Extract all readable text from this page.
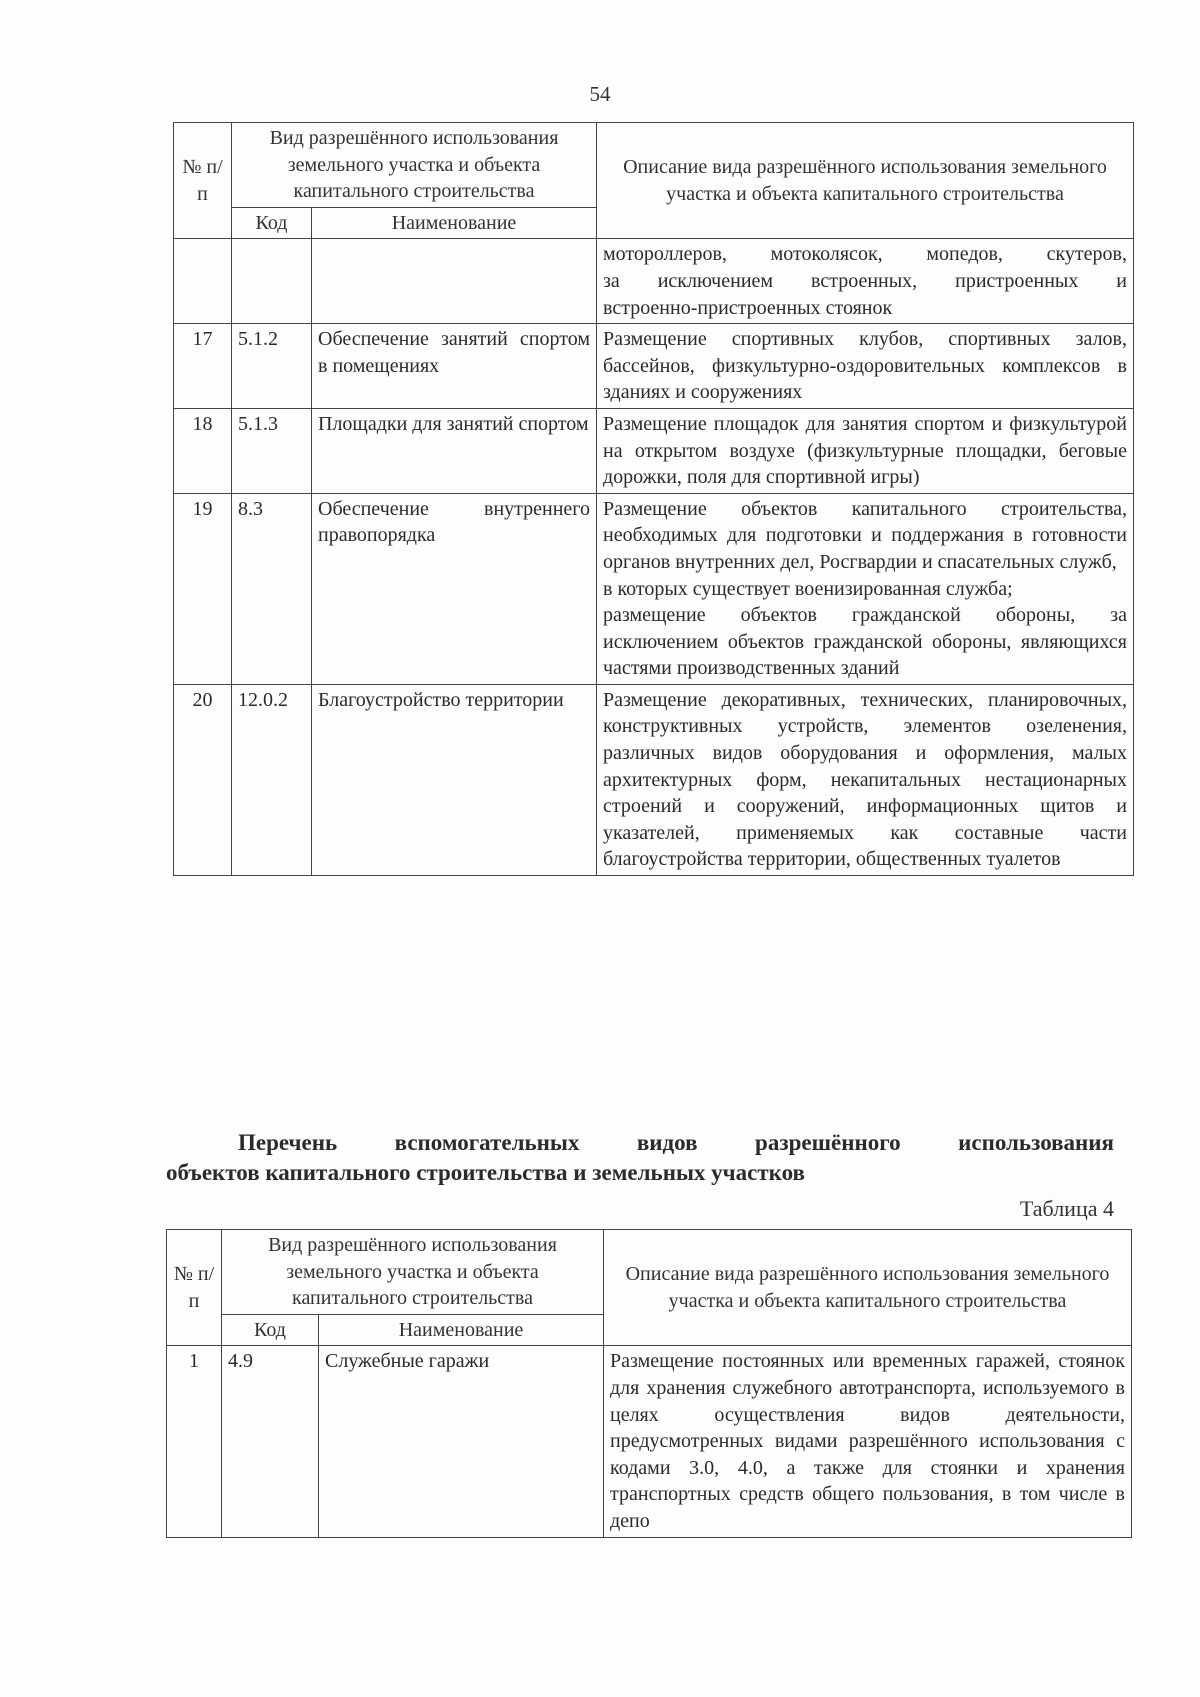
54
№ п/п	Вид разрешённого использования земельного участка и объекта капитального строительства		Описание вида разрешённого использования земельного участка и объекта капитального строительства
	Код	Наименование	

			мотороллеров, мотоколясок, мопедов, скутеров,
за исключением встроенных, пристроенных и
встроенно-пристроенных стоянок

17	5.1.2	Обеспечение занятий спортом в помещениях	Размещение спортивных клубов, спортивных залов, бассейнов, физкультурно-оздоровительных комплексов в зданиях и сооружениях
18	5.1.3	Площадки для занятий спортом	Размещение площадок для занятия спортом и физкультурой на открытом воздухе (физкультурные площадки, беговые дорожки, поля для спортивной игры)
19	8.3	Обеспечение внутреннего правопорядка	Размещение объектов капитального строительства, необходимых для подготовки и поддержания в готовности органов внутренних дел, Росгвардии и спасательных служб,
в которых существует военизированная служба;
размещение объектов гражданской обороны, за исключением объектов гражданской обороны, являющихся частями производственных зданий

20	12.0.2	Благоустройство территории	Размещение декоративных, технических, планировочных, конструктивных устройств, элементов озеленения, различных видов оборудования и оформления, малых архитектурных форм, некапитальных нестационарных строений и сооружений, информационных щитов и указателей, применяемых как составные части благоустройства территории, общественных туалетов
Перечень вспомогательных видов разрешённого использования
объектов капитального строительства и земельных участков
Таблица 4
№ п/п	Вид разрешённого использования земельного участка и объекта капитального строительства		Описание вида разрешённого использования земельного участка и объекта капитального строительства
	Код	Наименование	
1	4.9	Служебные гаражи	Размещение постоянных или временных гаражей, стоянок для хранения служебного автотранспорта, используемого в целях осуществления видов деятельности, предусмотренных видами разрешённого использования с кодами 3.0, 4.0, а также для стоянки и хранения транспортных средств общего пользования, в том числе в депо
